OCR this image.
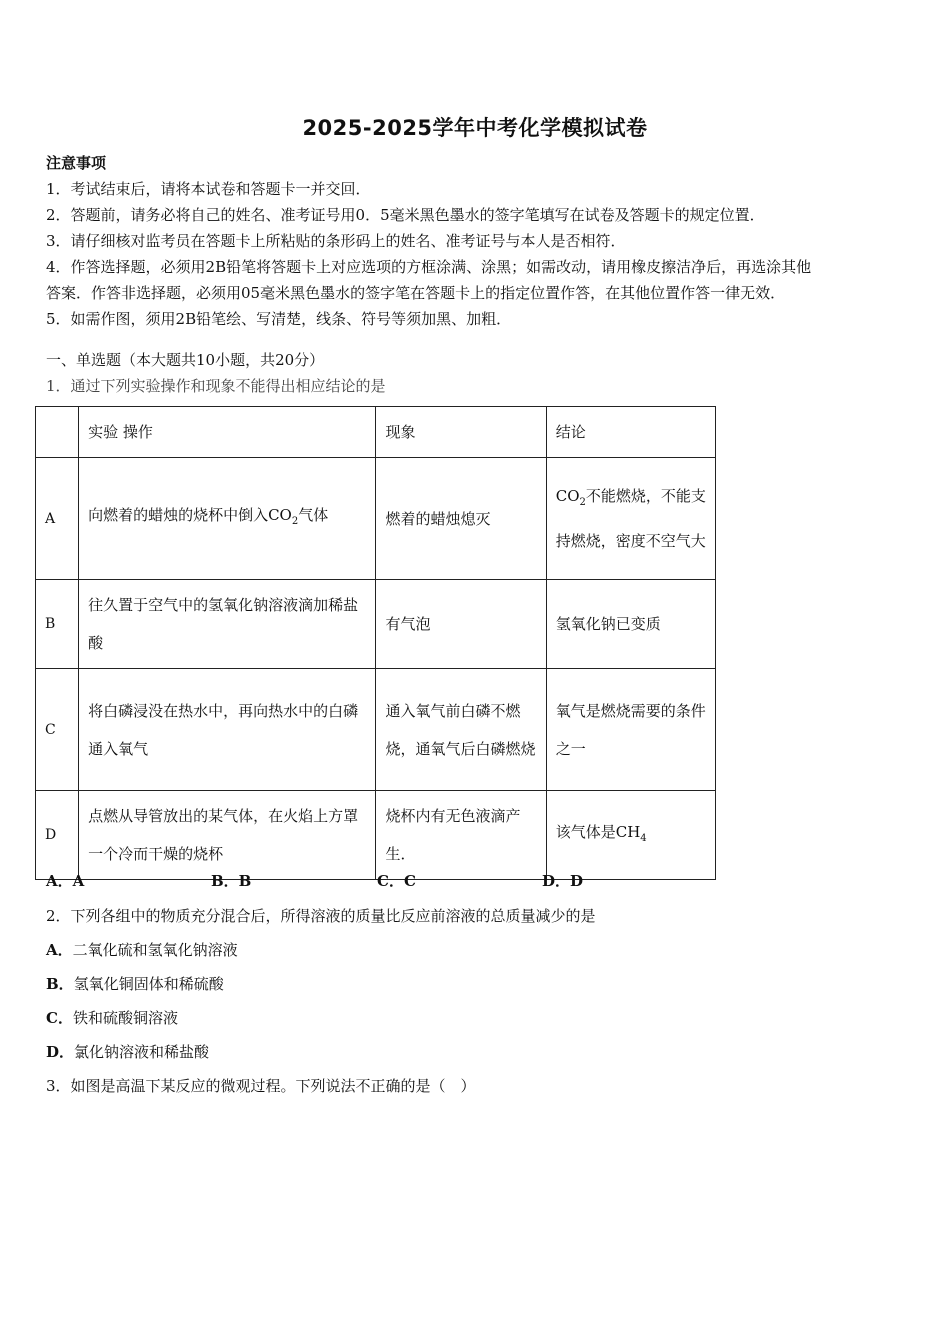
2025-2025学年中考化学模拟试卷

注意事项

1．考试结束后，请将本试卷和答题卡一并交回．

2．答题前，请务必将自己的姓名、准考证号用0．5毫米黑色墨水的签字笔填写在试卷及答题卡的规定位置．

3．请仔细核对监考员在答题卡上所粘贴的条形码上的姓名、准考证号与本人是否相符．

4．作答选择题，必须用2B铅笔将答题卡上对应选项的方框涂满、涂黑；如需改动，请用橡皮擦洁净后，再选涂其他

答案．作答非选择题，必须用05毫米黑色墨水的签字笔在答题卡上的指定位置作答，在其他位置作答一律无效．

5．如需作图，须用2B铅笔绘、写清楚，线条、符号等须加黑、加粗．

一、单选题（本大题共10小题，共20分）

1．通过下列实验操作和现象不能得出相应结论的是

	实验 操作	现象	结论
A	向燃着的蜡烛的烧杯中倒入$CO_2$气体	燃着的蜡烛熄灭	$CO_2$不能燃烧，不能支持燃烧，密度不空气大
B	往久置于空气中的氢氧化钠溶液滴加稀盐酸	有气泡	氢氧化钠已变质
C	将白磷浸没在热水中，再向热水中的白磷通入氧气	通入氧气前白磷不燃烧，通氧气后白磷燃烧	氧气是燃烧需要的条件之一
D	点燃从导管放出的某气体，在火焰上方罩一个冷而干燥的烧杯	烧杯内有无色液滴产生．	该气体是$CH_4$
A．A	B．B	C．C	D．D

2．下列各组中的物质充分混合后，所得溶液的质量比反应前溶液的总质量减少的是

A．二氧化硫和氢氧化钠溶液

B．氢氧化铜固体和稀硫酸

C．铁和硫酸铜溶液

D．氯化钠溶液和稀盐酸

3．如图是高温下某反应的微观过程。下列说法不正确的是（　）
